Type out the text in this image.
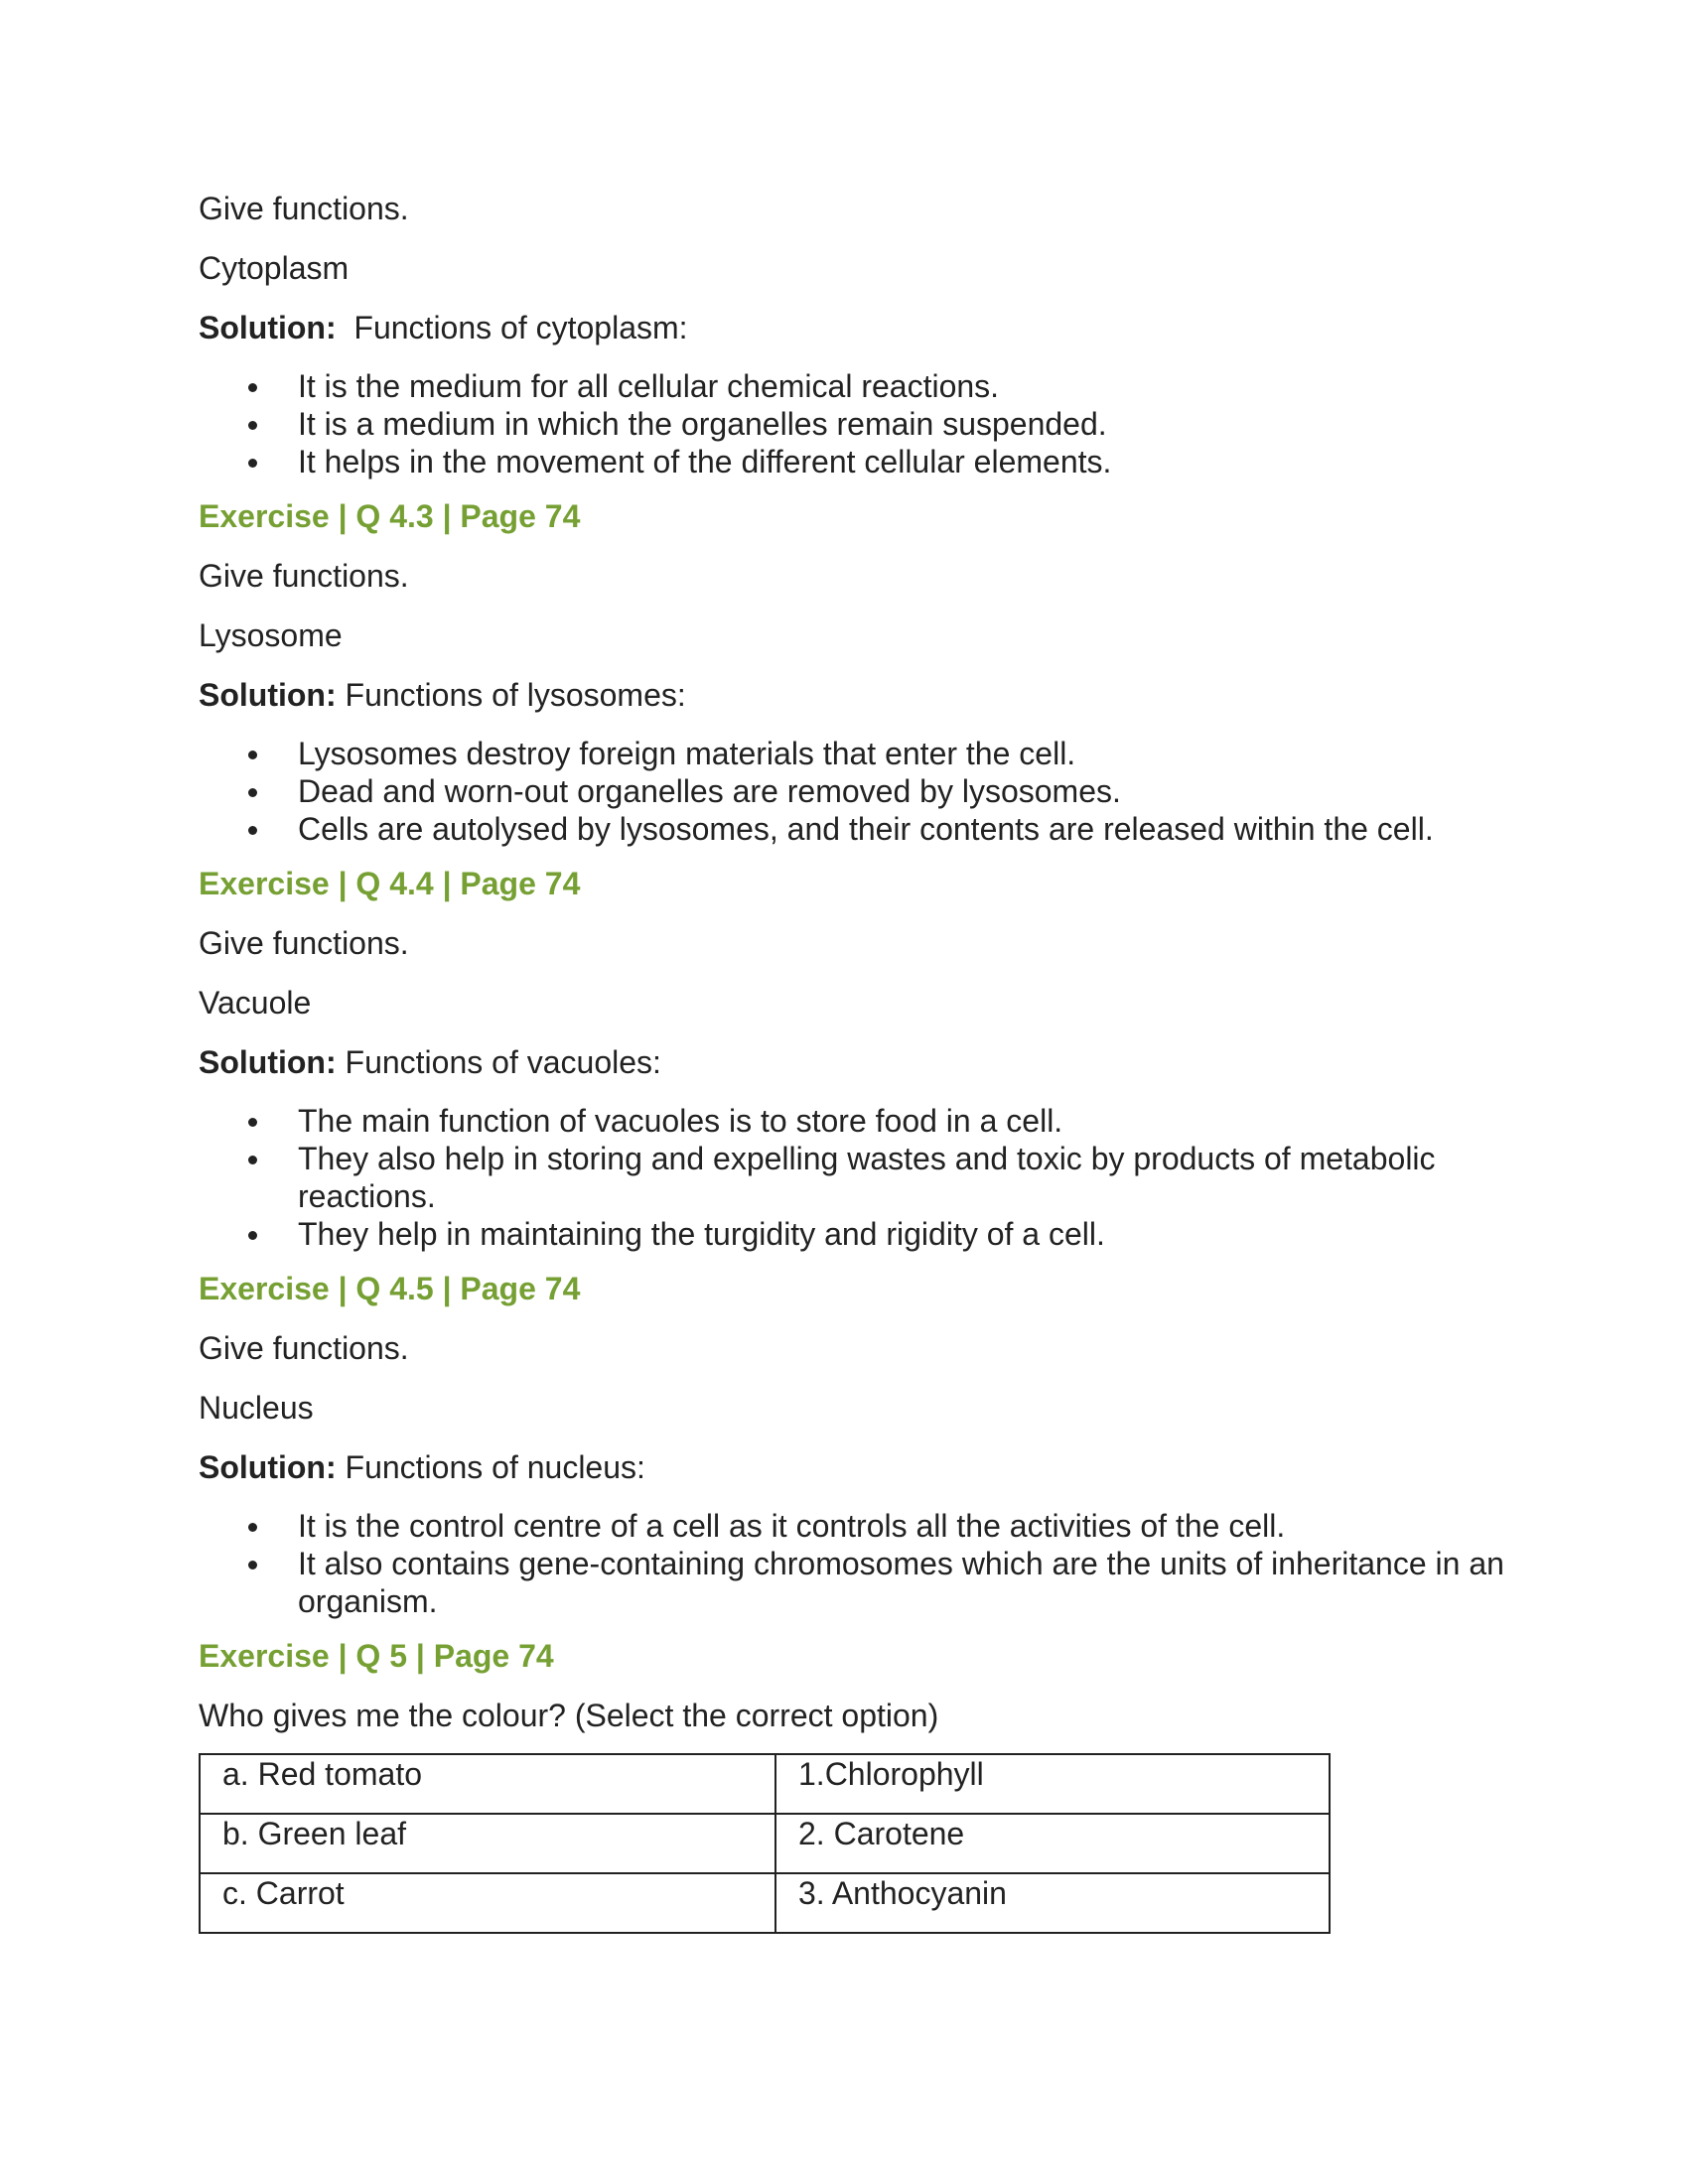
Give functions.

Cytoplasm

Solution:  Functions of cytoplasm:

It is the medium for all cellular chemical reactions.
It is a medium in which the organelles remain suspended.
It helps in the movement of the different cellular elements.

Exercise | Q 4.3 | Page 74

Give functions.

Lysosome

Solution: Functions of lysosomes:

Lysosomes destroy foreign materials that enter the cell.
Dead and worn-out organelles are removed by lysosomes.
Cells are autolysed by lysosomes, and their contents are released within the cell.

Exercise | Q 4.4 | Page 74

Give functions.

Vacuole

Solution: Functions of vacuoles:

The main function of vacuoles is to store food in a cell.
They also help in storing and expelling wastes and toxic by products of metabolic reactions.
They help in maintaining the turgidity and rigidity of a cell.

Exercise | Q 4.5 | Page 74

Give functions.

Nucleus

Solution: Functions of nucleus:

It is the control centre of a cell as it controls all the activities of the cell.
It also contains gene-containing chromosomes which are the units of inheritance in an organism.

Exercise | Q 5 | Page 74

Who gives me the colour? (Select the correct option)

a. Red tomato	1.Chlorophyll
b. Green leaf	2. Carotene
c. Carrot	3. Anthocyanin
